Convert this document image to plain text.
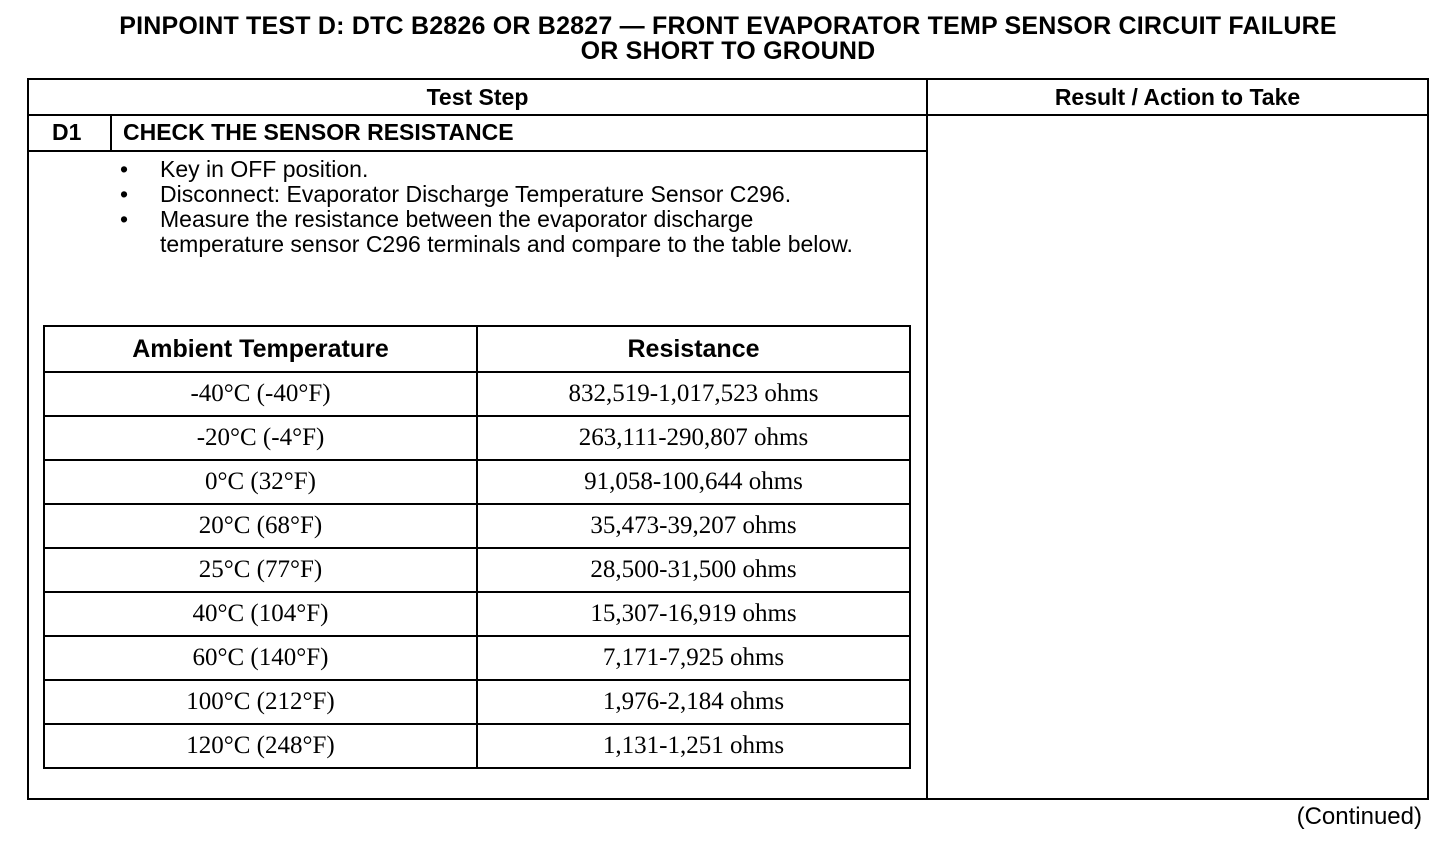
PINPOINT TEST D: DTC B2826 OR B2827 — FRONT EVAPORATOR TEMP SENSOR CIRCUIT FAILURE
OR SHORT TO GROUND
Test Step	Result / Action to Take
D1 CHECK THE SENSOR RESISTANCE
• Key in OFF position.
• Disconnect: Evaporator Discharge Temperature Sensor C296.
• Measure the resistance between the evaporator discharge temperature sensor C296 terminals and compare to the table below.
Ambient Temperature	Resistance
-40°C (-40°F)	832,519-1,017,523 ohms
-20°C (-4°F)	263,111-290,807 ohms
0°C (32°F)	91,058-100,644 ohms
20°C (68°F)	35,473-39,207 ohms
25°C (77°F)	28,500-31,500 ohms
40°C (104°F)	15,307-16,919 ohms
60°C (140°F)	7,171-7,925 ohms
100°C (212°F)	1,976-2,184 ohms
120°C (248°F)	1,131-1,251 ohms
(Continued)
